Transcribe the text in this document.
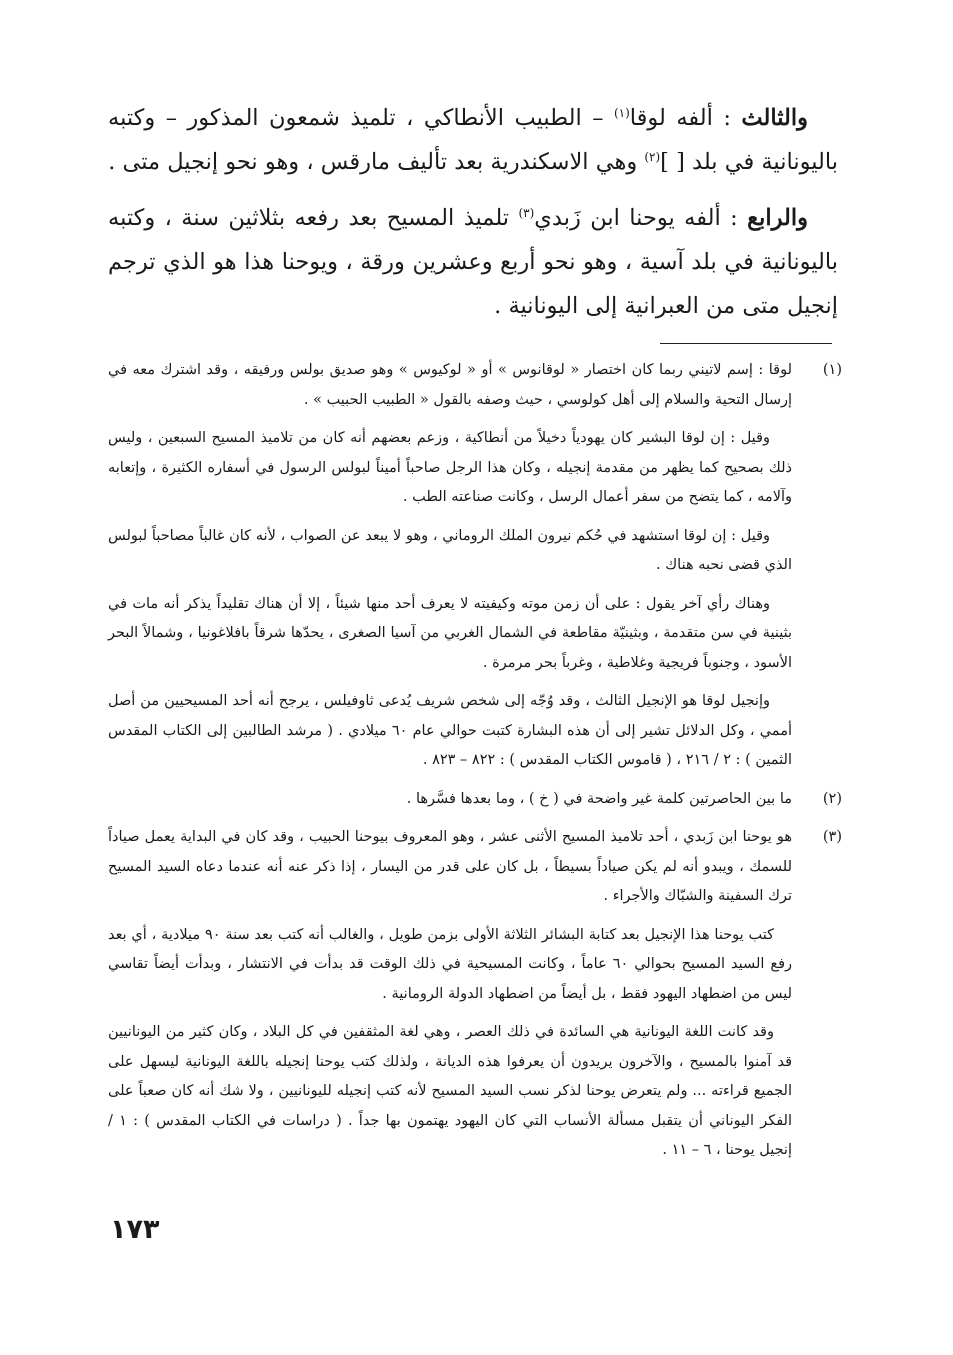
والثالث : ألفه لوقا$^{(١)}$ – الطبيب الأنطاكي ، تلميذ شمعون المذكور – وكتبه باليونانية في بلد [ ]$^{(٢)}$ وهي الاسكندرية بعد تأليف مارقس ، وهو نحو إنجيل متى .

والرابع : ألفه يوحنا ابن زَبدي$^{(٣)}$ تلميذ المسيح بعد رفعه بثلاثين سنة ، وكتبه باليونانية في بلد آسية ، وهو نحو أربع وعشرين ورقة ، ويوحنا هذا هو الذي ترجم إنجيل متى من العبرانية إلى اليونانية .

(١)

لوقا : إسم لاتيني ربما كان اختصار « لوقانوس » أو « لوكيوس » وهو صديق بولس ورفيقه ، وقد اشترك معه في إرسال التحية والسلام إلى أهل كولوسي ، حيث وصفه بالقول « الطبيب الحبيب » .

وقيل : إن لوقا البشير كان يهودياً دخيلاً من أنطاكية ، وزعم بعضهم أنه كان من تلاميذ المسيح السبعين ، وليس ذلك بصحيح كما يظهر من مقدمة إنجيله ، وكان هذا الرجل صاحباً أميناً لبولس الرسول في أسفاره الكثيرة ، وإتعابه وآلامه ، كما يتضح من سفر أعمال الرسل ، وكانت صناعته الطب .

وقيل : إن لوقا استشهد في حُكم نيرون الملك الروماني ، وهو لا يبعد عن الصواب ، لأنه كان غالباً مصاحباً لبولس الذي قضى نحبه هناك .

وهناك رأي آخر يقول : على أن زمن موته وكيفيته لا يعرف أحد منها شيئاً ، إلا أن هناك تقليداً يذكر أنه مات في بثينية في سن متقدمة ، وبثينيّة مقاطعة في الشمال الغربي من آسيا الصغرى ، يحدّها شرقاً بافلاغونيا ، وشمالاً البحر الأسود ، وجنوباً فريجية وغلاطية ، وغرباً بحر مرمرة .

وإنجيل لوقا هو الإنجيل الثالث ، وقد وُجّه إلى شخص شريف يُدعى ثاوفيلس ، يرجح أنه أحد المسيحيين من أصل أممي ، وكل الدلائل تشير إلى أن هذه البشارة كتبت حوالي عام ٦٠ ميلادي . ( مرشد الطالبين إلى الكتاب المقدس الثمين ) : ٢ / ٢١٦ ، ( قاموس الكتاب المقدس ) : ٨٢٢ – ٨٢٣ .

(٢)

ما بين الحاصرتين كلمة غير واضحة في ( خ ) ، وما بعدها فسَّرها .

(٣)

هو يوحنا ابن زَبدي ، أحد تلاميذ المسيح الأثنى عشر ، وهو المعروف بيوحنا الحبيب ، وقد كان في البداية يعمل صياداً للسمك ، ويبدو أنه لم يكن صياداً بسيطاً ، بل كان على قدر من اليسار ، إذا ذكر عنه أنه عندما دعاه السيد المسيح ترك السفينة والشبّاك والأجراء .

كتب يوحنا هذا الإنجيل بعد كتابة البشائر الثلاثة الأولى بزمن طويل ، والغالب أنه كتب بعد سنة ٩٠ ميلادية ، أي بعد رفع السيد المسيح بحوالي ٦٠ عاماً ، وكانت المسيحية في ذلك الوقت قد بدأت في الانتشار ، وبدأت أيضاً تقاسي ليس من اضطهاد اليهود فقط ، بل أيضاً من اضطهاد الدولة الرومانية .

وقد كانت اللغة اليونانية هي السائدة في ذلك العصر ، وهي لغة المثقفين في كل البلاد ، وكان كثير من اليونانيين قد آمنوا بالمسيح ، والآخرون يريدون أن يعرفوا هذه الديانة ، ولذلك كتب يوحنا إنجيله باللغة اليونانية ليسهل على الجميع قراءته ... ولم يتعرض يوحنا لذكر نسب السيد المسيح لأنه كتب إنجيله لليونانيين ، ولا شك أنه كان صعباً على الفكر اليوناني أن يتقبل مسألة الأنساب التي كان اليهود يهتمون بها جداً . ( دراسات في الكتاب المقدس ) : ١ / إنجيل يوحنا ، ٦ – ١١ .

١٧٣
